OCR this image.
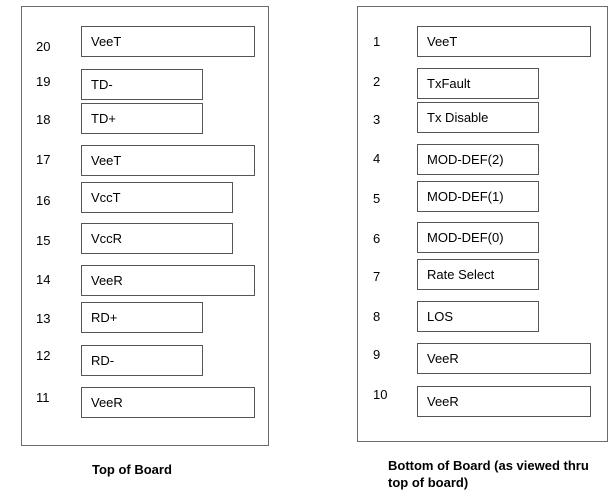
20	VeeT
19	TD-
18	TD+
17	VeeT
16	VccT
15	VccR
14	VeeR
13	RD+
12	RD-
11	VeeR
1	VeeT
2	TxFault
3	Tx Disable
4	MOD-DEF(2)
5	MOD-DEF(1)
6	MOD-DEF(0)
7	Rate Select
8	LOS
9	VeeR
10	VeeR
Top of Board	Bottom of Board (as viewed thru top of board)
